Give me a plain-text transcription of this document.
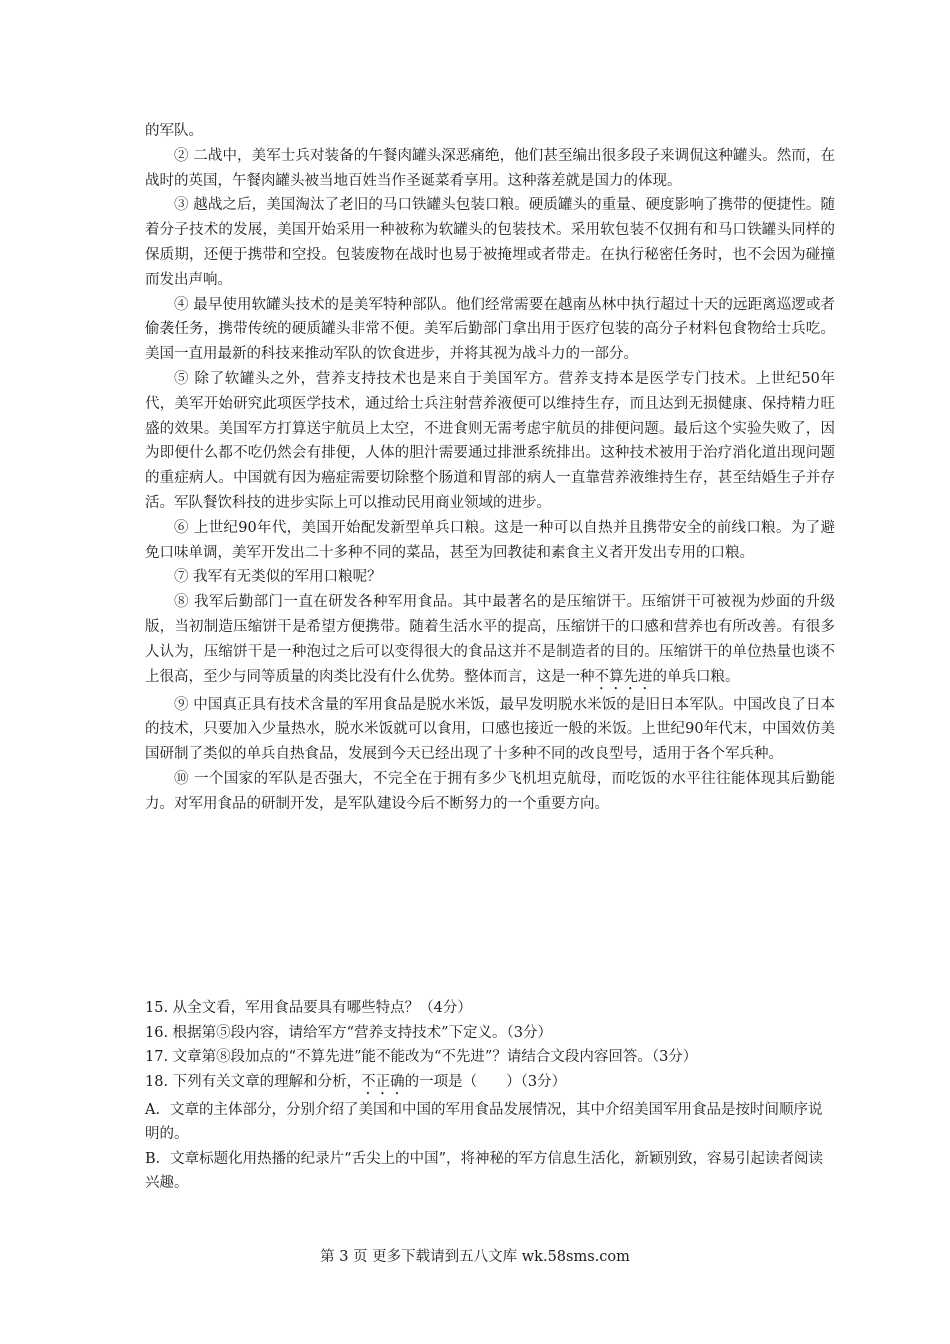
的军队。

② 二战中，美军士兵对装备的午餐肉罐头深恶痛绝，他们甚至编出很多段子来调侃这种罐头。然而，在战时的英国，午餐肉罐头被当地百姓当作圣诞菜肴享用。这种落差就是国力的体现。

③ 越战之后，美国淘汰了老旧的马口铁罐头包装口粮。硬质罐头的重量、硬度影响了携带的便捷性。随着分子技术的发展，美国开始采用一种被称为软罐头的包装技术。采用软包装不仅拥有和马口铁罐头同样的保质期，还便于携带和空投。包装废物在战时也易于被掩埋或者带走。在执行秘密任务时，也不会因为碰撞而发出声响。

④ 最早使用软罐头技术的是美军特种部队。他们经常需要在越南丛林中执行超过十天的远距离巡逻或者偷袭任务，携带传统的硬质罐头非常不便。美军后勤部门拿出用于医疗包装的高分子材料包食物给士兵吃。美国一直用最新的科技来推动军队的饮食进步，并将其视为战斗力的一部分。

⑤ 除了软罐头之外，营养支持技术也是来自于美国军方。营养支持本是医学专门技术。上世纪50年代，美军开始研究此项医学技术，通过给士兵注射营养液便可以维持生存，而且达到无损健康、保持精力旺盛的效果。美国军方打算送宇航员上太空，不进食则无需考虑宇航员的排便问题。最后这个实验失败了，因为即便什么都不吃仍然会有排便，人体的胆汁需要通过排泄系统排出。这种技术被用于治疗消化道出现问题的重症病人。中国就有因为癌症需要切除整个肠道和胃部的病人一直靠营养液维持生存，甚至结婚生子并存活。军队餐饮科技的进步实际上可以推动民用商业领域的进步。

⑥ 上世纪90年代，美国开始配发新型单兵口粮。这是一种可以自热并且携带安全的前线口粮。为了避免口味单调，美军开发出二十多种不同的菜品，甚至为回教徒和素食主义者开发出专用的口粮。

⑦ 我军有无类似的军用口粮呢？

⑧ 我军后勤部门一直在研发各种军用食品。其中最著名的是压缩饼干。压缩饼干可被视为炒面的升级版，当初制造压缩饼干是希望方便携带。随着生活水平的提高，压缩饼干的口感和营养也有所改善。有很多人认为，压缩饼干是一种泡过之后可以变得很大的食品这并不是制造者的目的。压缩饼干的单位热量也谈不上很高，至少与同等质量的肉类比没有什么优势。整体而言，这是一种不算先进的单兵口粮。

⑨ 中国真正具有技术含量的军用食品是脱水米饭，最早发明脱水米饭的是旧日本军队。中国改良了日本的技术，只要加入少量热水，脱水米饭就可以食用，口感也接近一般的米饭。上世纪90年代末，中国效仿美国研制了类似的单兵自热食品，发展到今天已经出现了十多种不同的改良型号，适用于各个军兵种。

⑩ 一个国家的军队是否强大，不完全在于拥有多少飞机坦克航母，而吃饭的水平往往能体现其后勤能力。对军用食品的研制开发，是军队建设今后不断努力的一个重要方向。

15. 从全文看，军用食品要具有哪些特点？（4分）

16. 根据第⑤段内容，请给军方“营养支持技术”下定义。（3分）

17. 文章第⑧段加点的“不算先进”能不能改为“不先进”？请结合文段内容回答。（3分）

18. 下列有关文章的理解和分析，不正确的一项是（　　）（3分）

A．文章的主体部分，分别介绍了美国和中国的军用食品发展情况，其中介绍美国军用食品是按时间顺序说明的。

B．文章标题化用热播的纪录片“舌尖上的中国”，将神秘的军方信息生活化，新颖别致，容易引起读者阅读兴趣。

第 3 页 更多下载请到五八文库 wk.58sms.com
